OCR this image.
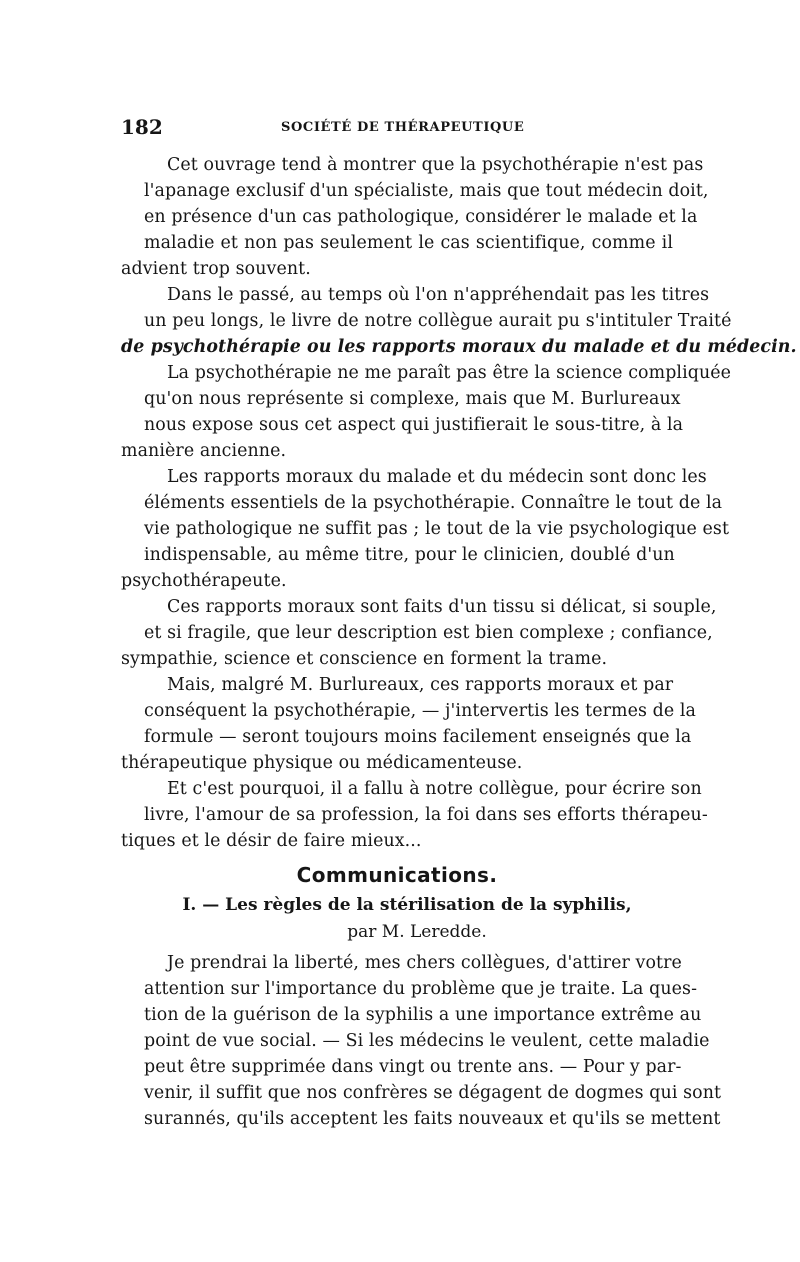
182	SOCIÉTÉ DE THÉRAPEUTIQUE
Cet ouvrage tend à montrer que la psychothérapie n'est pas
l'apanage exclusif d'un spécialiste, mais que tout médecin doit,
en présence d'un cas pathologique, considérer le malade et la
maladie et non pas seulement le cas scientifique, comme il
advient trop souvent.
Dans le passé, au temps où l'on n'appréhendait pas les titres
un peu longs, le livre de notre collègue aurait pu s'intituler Traité
de psychothérapie ou les rapports moraux du malade et du médecin.
La psychothérapie ne me paraît pas être la science compliquée
qu'on nous représente si complexe, mais que M. Burlureaux
nous expose sous cet aspect qui justifierait le sous-titre, à la
manière ancienne.
Les rapports moraux du malade et du médecin sont donc les
éléments essentiels de la psychothérapie. Connaître le tout de la
vie pathologique ne suffit pas ; le tout de la vie psychologique est
indispensable, au même titre, pour le clinicien, doublé d'un
psychothérapeute.
Ces rapports moraux sont faits d'un tissu si délicat, si souple,
et si fragile, que leur description est bien complexe ; confiance,
sympathie, science et conscience en forment la trame.
Mais, malgré M. Burlureaux, ces rapports moraux et par
conséquent la psychothérapie, — j'intervertis les termes de la
formule — seront toujours moins facilement enseignés que la
thérapeutique physique ou médicamenteuse.
Et c'est pourquoi, il a fallu à notre collègue, pour écrire son
livre, l'amour de sa profession, la foi dans ses efforts thérapeu-
tiques et le désir de faire mieux...
Communications.
I. — Les règles de la stérilisation de la syphilis,
par M. Leredde.
Je prendrai la liberté, mes chers collègues, d'attirer votre
attention sur l'importance du problème que je traite. La ques-
tion de la guérison de la syphilis a une importance extrême au
point de vue social. — Si les médecins le veulent, cette maladie
peut être supprimée dans vingt ou trente ans. — Pour y par-
venir, il suffit que nos confrères se dégagent de dogmes qui sont
surannés, qu'ils acceptent les faits nouveaux et qu'ils se mettent
